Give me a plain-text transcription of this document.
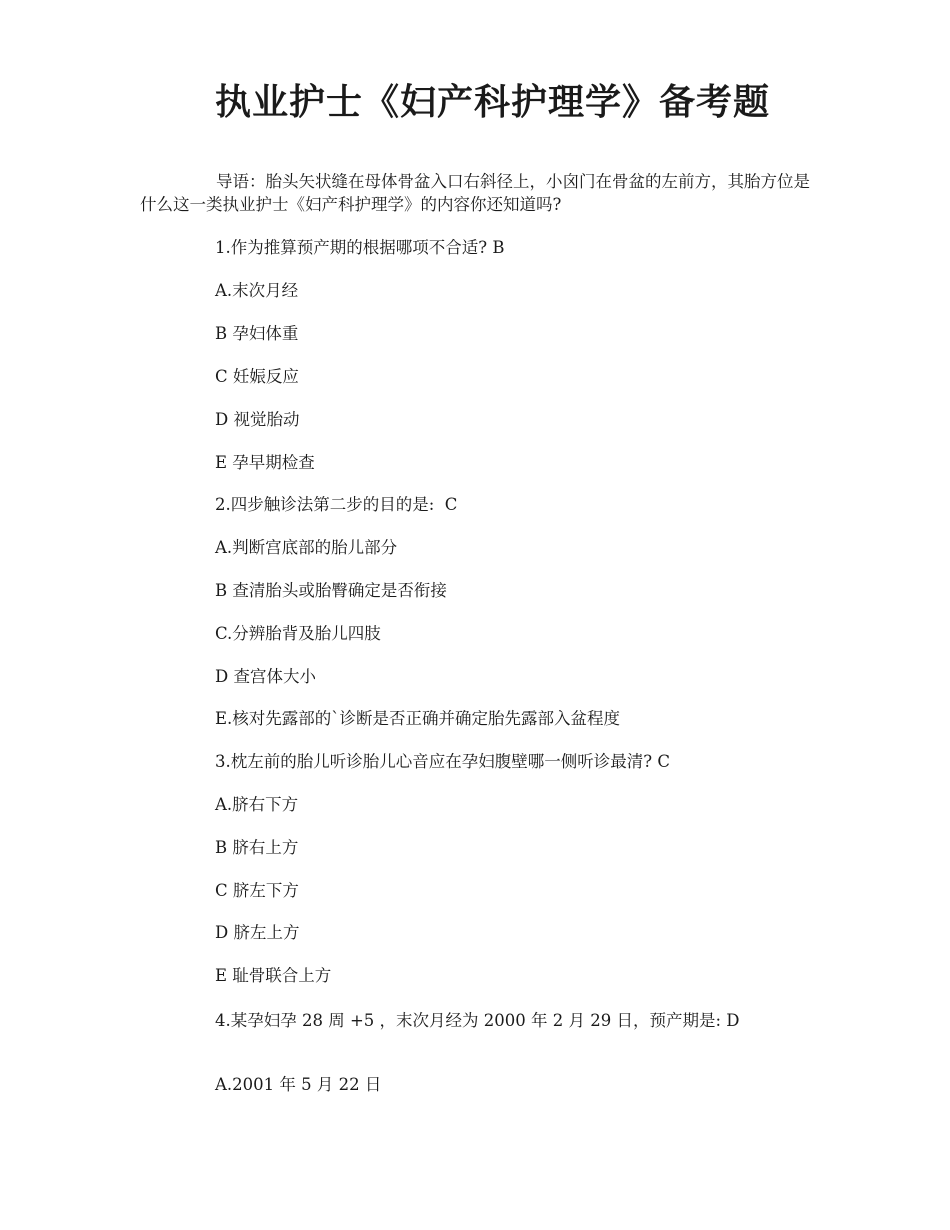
执业护士《妇产科护理学》备考题

导语：胎头矢状缝在母体骨盆入口右斜径上，小囟门在骨盆的左前方，其胎方位是什么这一类执业护士《妇产科护理学》的内容你还知道吗?

1.作为推算预产期的根据哪项不合适? B

A.末次月经

B 孕妇体重

C 妊娠反应

D 视觉胎动

E 孕早期检查

2.四步触诊法第二步的目的是:  C

A.判断宫底部的胎儿部分

B 查清胎头或胎臀确定是否衔接

C.分辨胎背及胎儿四肢

D 查宫体大小

E.核对先露部的`诊断是否正确并确定胎先露部入盆程度

3.枕左前的胎儿听诊胎儿心音应在孕妇腹壁哪一侧听诊最清? C

A.脐右下方

B 脐右上方

C 脐左下方

D 脐左上方

E 耻骨联合上方

4.某孕妇孕 28 周 +5 ，末次月经为 2000 年 2 月 29 日，预产期是: D

A.2001 年 5 月 22 日
